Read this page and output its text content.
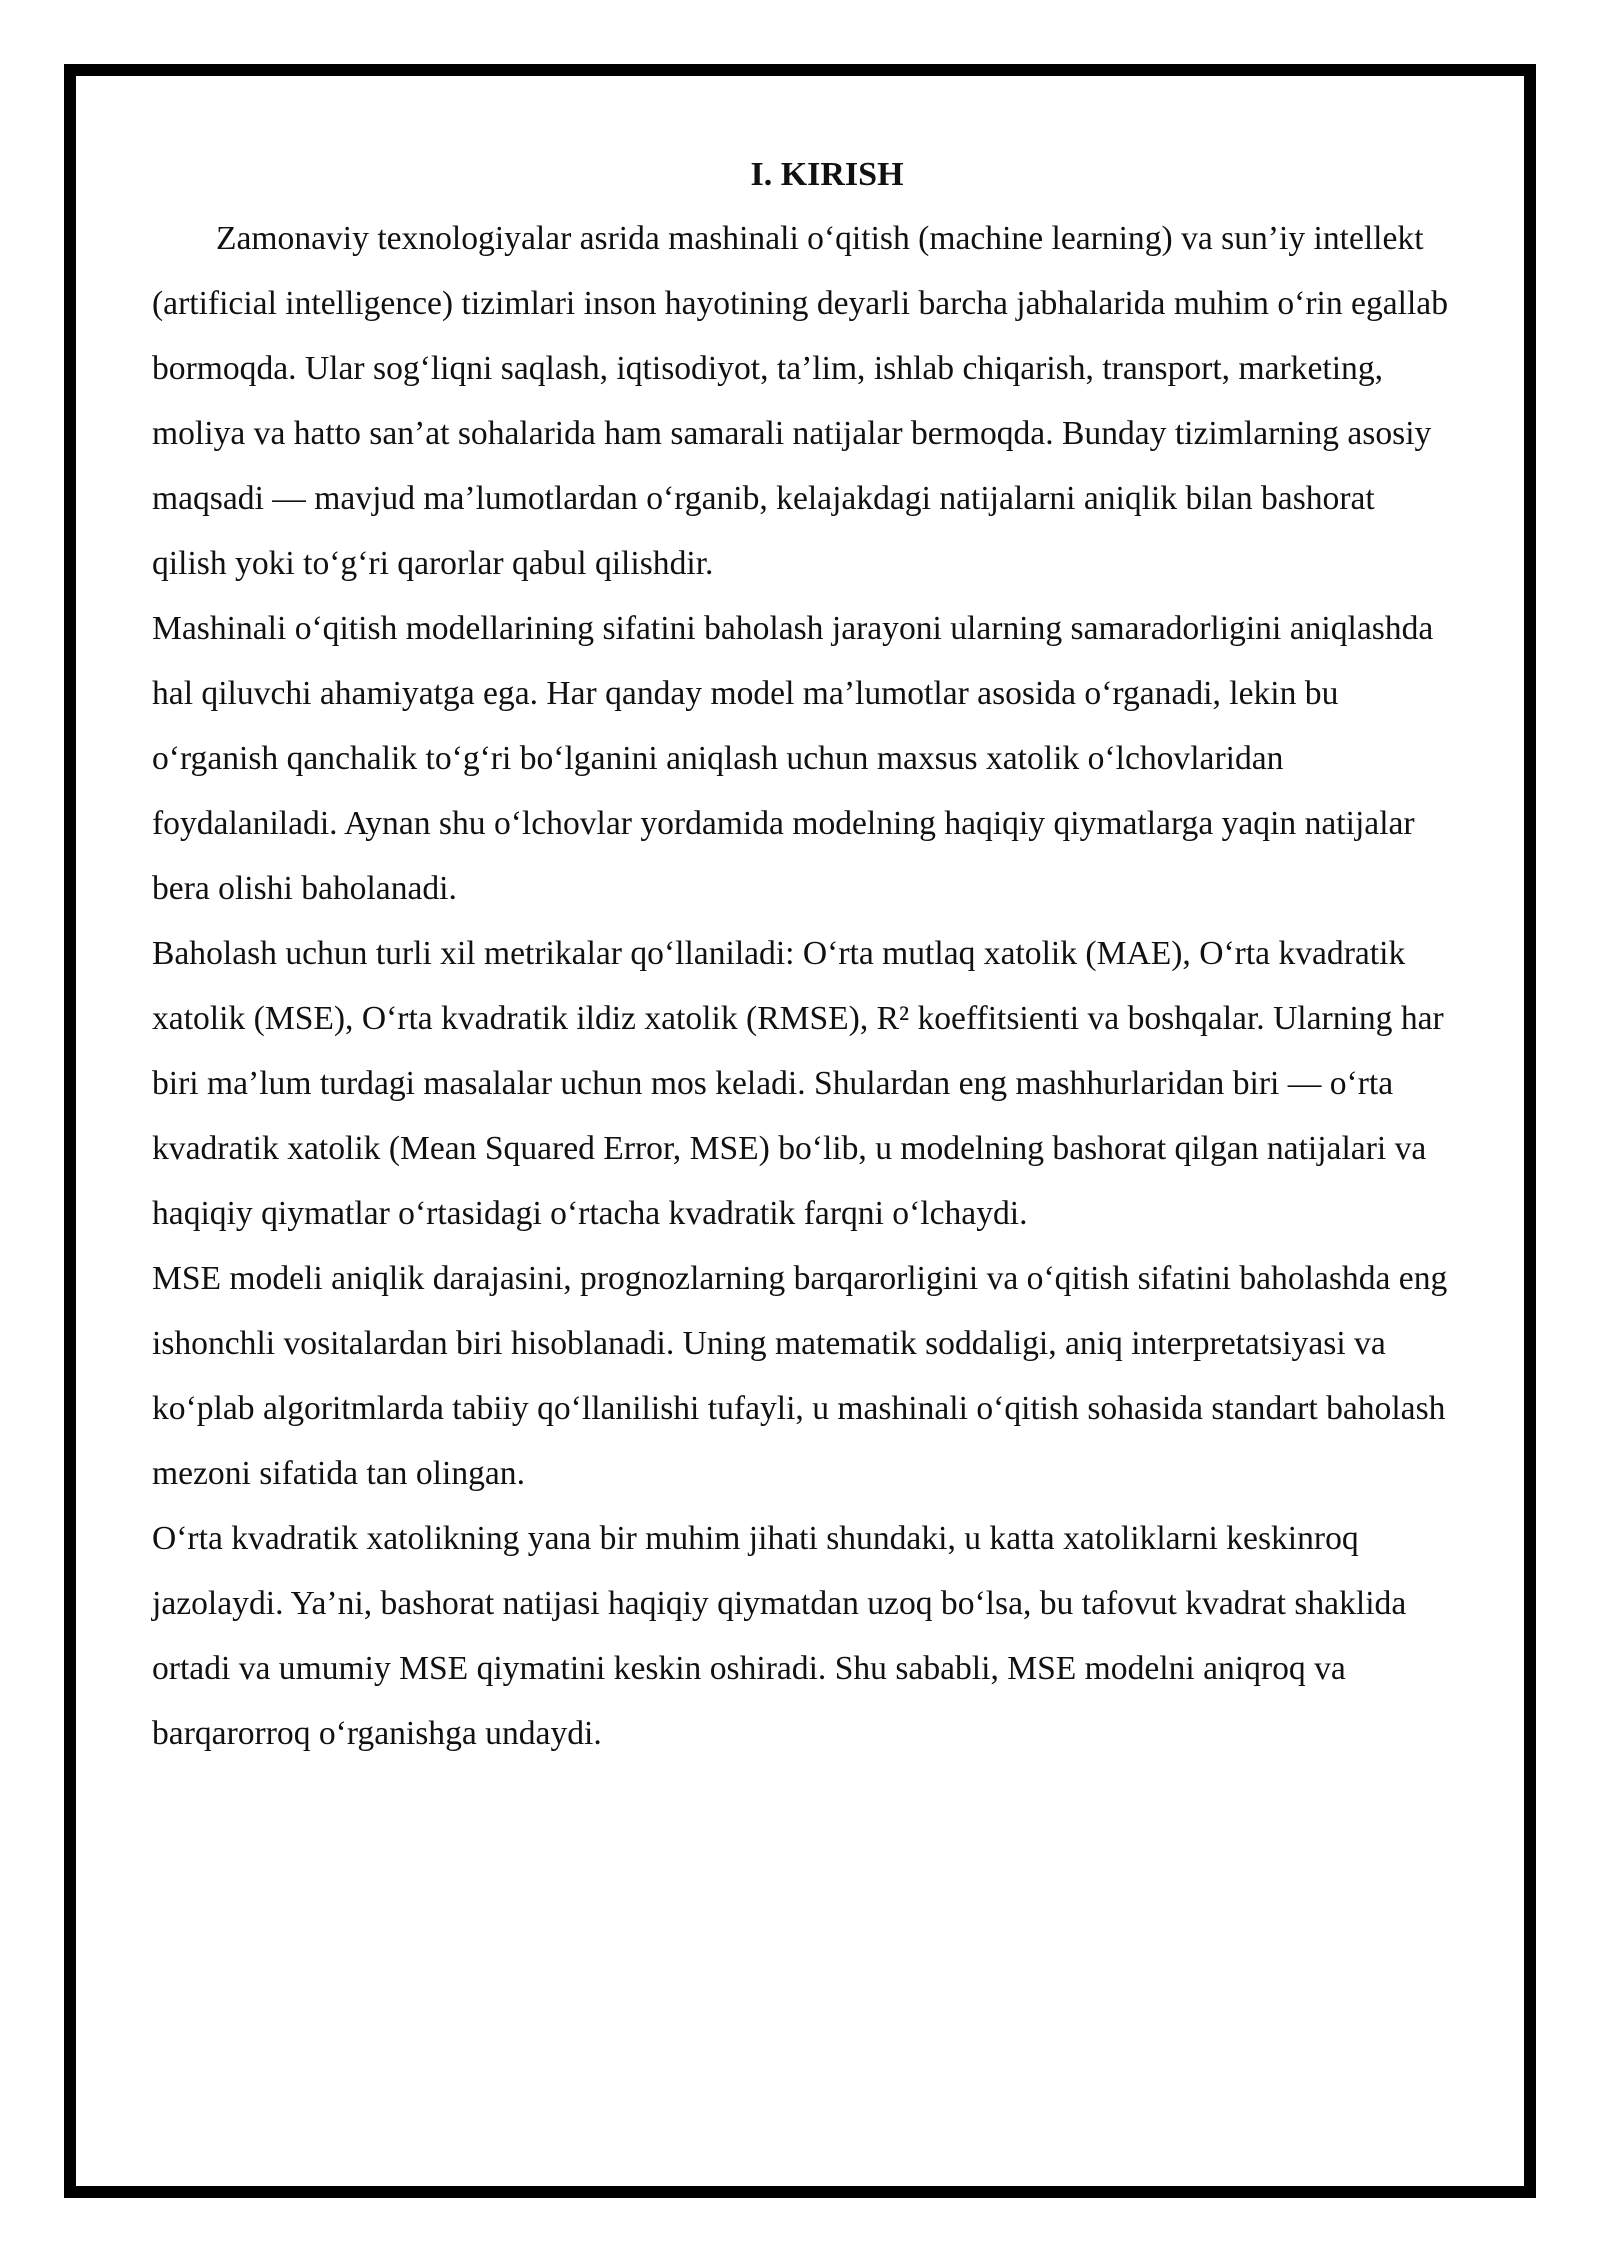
I. KIRISH

Zamonaviy texnologiyalar asrida mashinali oʻqitish (machine learning) va sun’iy intellekt (artificial intelligence) tizimlari inson hayotining deyarli barcha jabhalarida muhim oʻrin egallab bormoqda. Ular sogʻliqni saqlash, iqtisodiyot, ta’lim, ishlab chiqarish, transport, marketing, moliya va hatto san’at sohalarida ham samarali natijalar bermoqda. Bunday tizimlarning asosiy maqsadi — mavjud ma’lumotlardan oʻrganib, kelajakdagi natijalarni aniqlik bilan bashorat qilish yoki toʻgʻri qarorlar qabul qilishdir.

Mashinali oʻqitish modellarining sifatini baholash jarayoni ularning samaradorligini aniqlashda hal qiluvchi ahamiyatga ega. Har qanday model ma’lumotlar asosida oʻrganadi, lekin bu oʻrganish qanchalik toʻgʻri boʻlganini aniqlash uchun maxsus xatolik oʻlchovlaridan foydalaniladi. Aynan shu oʻlchovlar yordamida modelning haqiqiy qiymatlarga yaqin natijalar bera olishi baholanadi.

Baholash uchun turli xil metrikalar qoʻllaniladi: Oʻrta mutlaq xatolik (MAE), Oʻrta kvadratik xatolik (MSE), Oʻrta kvadratik ildiz xatolik (RMSE), R² koeffitsienti va boshqalar. Ularning har biri ma’lum turdagi masalalar uchun mos keladi. Shulardan eng mashhurlaridan biri — oʻrta kvadratik xatolik (Mean Squared Error, MSE) boʻlib, u modelning bashorat qilgan natijalari va haqiqiy qiymatlar oʻrtasidagi oʻrtacha kvadratik farqni oʻlchaydi.

MSE modeli aniqlik darajasini, prognozlarning barqarorligini va oʻqitish sifatini baholashda eng ishonchli vositalardan biri hisoblanadi. Uning matematik soddaligi, aniq interpretatsiyasi va koʻplab algoritmlarda tabiiy qoʻllanilishi tufayli, u mashinali oʻqitish sohasida standart baholash mezoni sifatida tan olingan.

Oʻrta kvadratik xatolikning yana bir muhim jihati shundaki, u katta xatoliklarni keskinroq jazolaydi. Ya’ni, bashorat natijasi haqiqiy qiymatdan uzoq boʻlsa, bu tafovut kvadrat shaklida ortadi va umumiy MSE qiymatini keskin oshiradi. Shu sababli, MSE modelni aniqroq va barqarorroq oʻrganishga undaydi.
